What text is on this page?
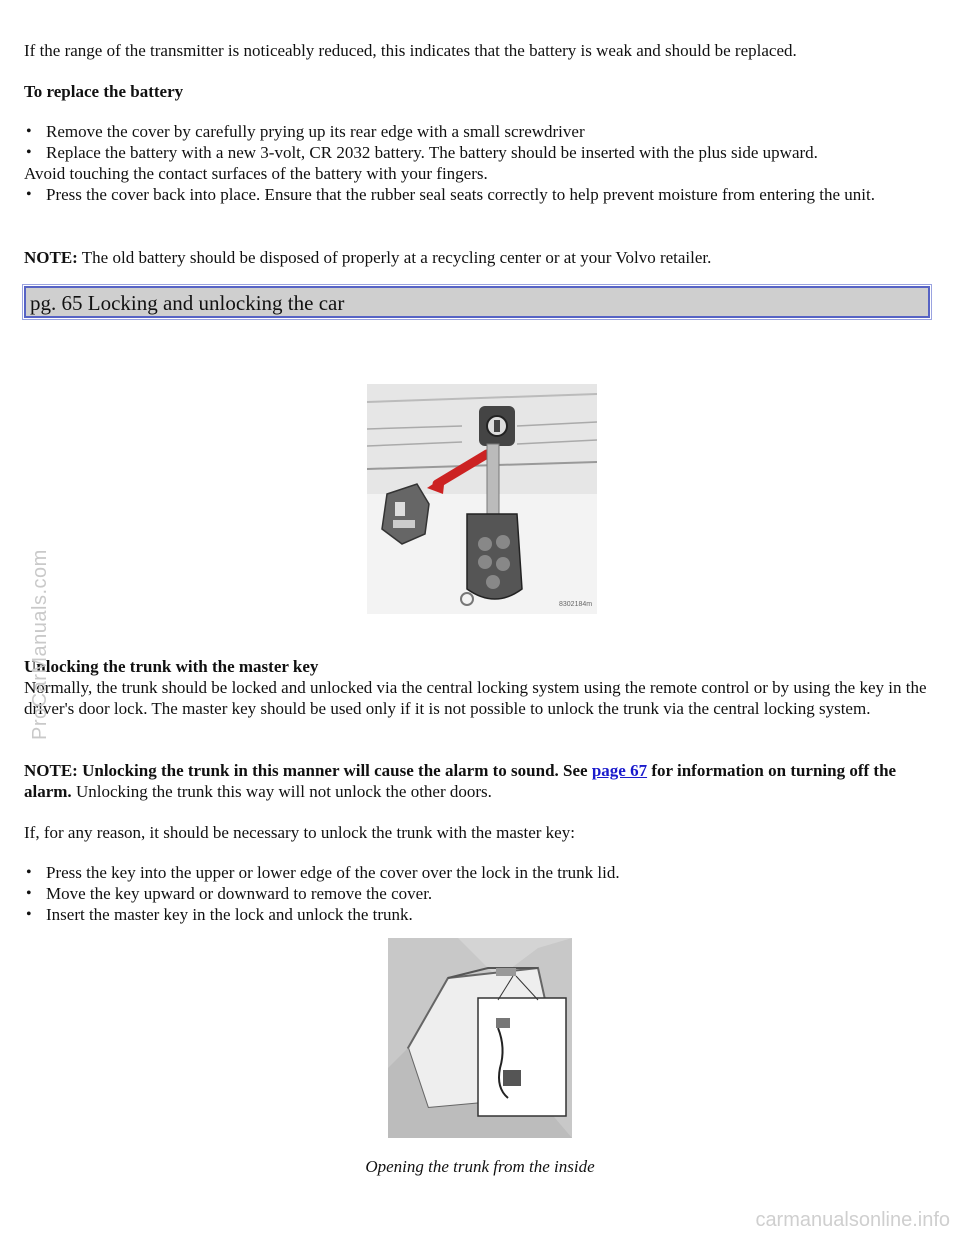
If the range of the transmitter is noticeably reduced, this indicates that the battery is weak and should be replaced.

To replace the battery

• Remove the cover by carefully prying up its rear edge with a small screwdriver
• Replace the battery with a new 3-volt, CR 2032 battery. The battery should be inserted with the plus side upward.
Avoid touching the contact surfaces of the battery with your fingers.
• Press the cover back into place. Ensure that the rubber seal seats correctly to help prevent moisture from entering the unit.

NOTE: The old battery should be disposed of properly at a recycling center or at your Volvo retailer.

pg. 65 Locking and unlocking the car
8302184m

Unlocking the trunk with the master key

Normally, the trunk should be locked and unlocked via the central locking system using the remote control or by using the key in the driver's door lock. The master key should be used only if it is not possible to unlock the trunk via the central locking system.

NOTE: Unlocking the trunk in this manner will cause the alarm to sound. See page 67 for information on turning off the alarm. Unlocking the trunk this way will not unlock the other doors.

If, for any reason, it should be necessary to unlock the trunk with the master key:

• Press the key into the upper or lower edge of the cover over the lock in the trunk lid.
• Move the key upward or downward to remove the cover.
• Insert the master key in the lock and unlock the trunk.

Opening the trunk from the inside

ProCarManuals.com
carmanualsonline.info
